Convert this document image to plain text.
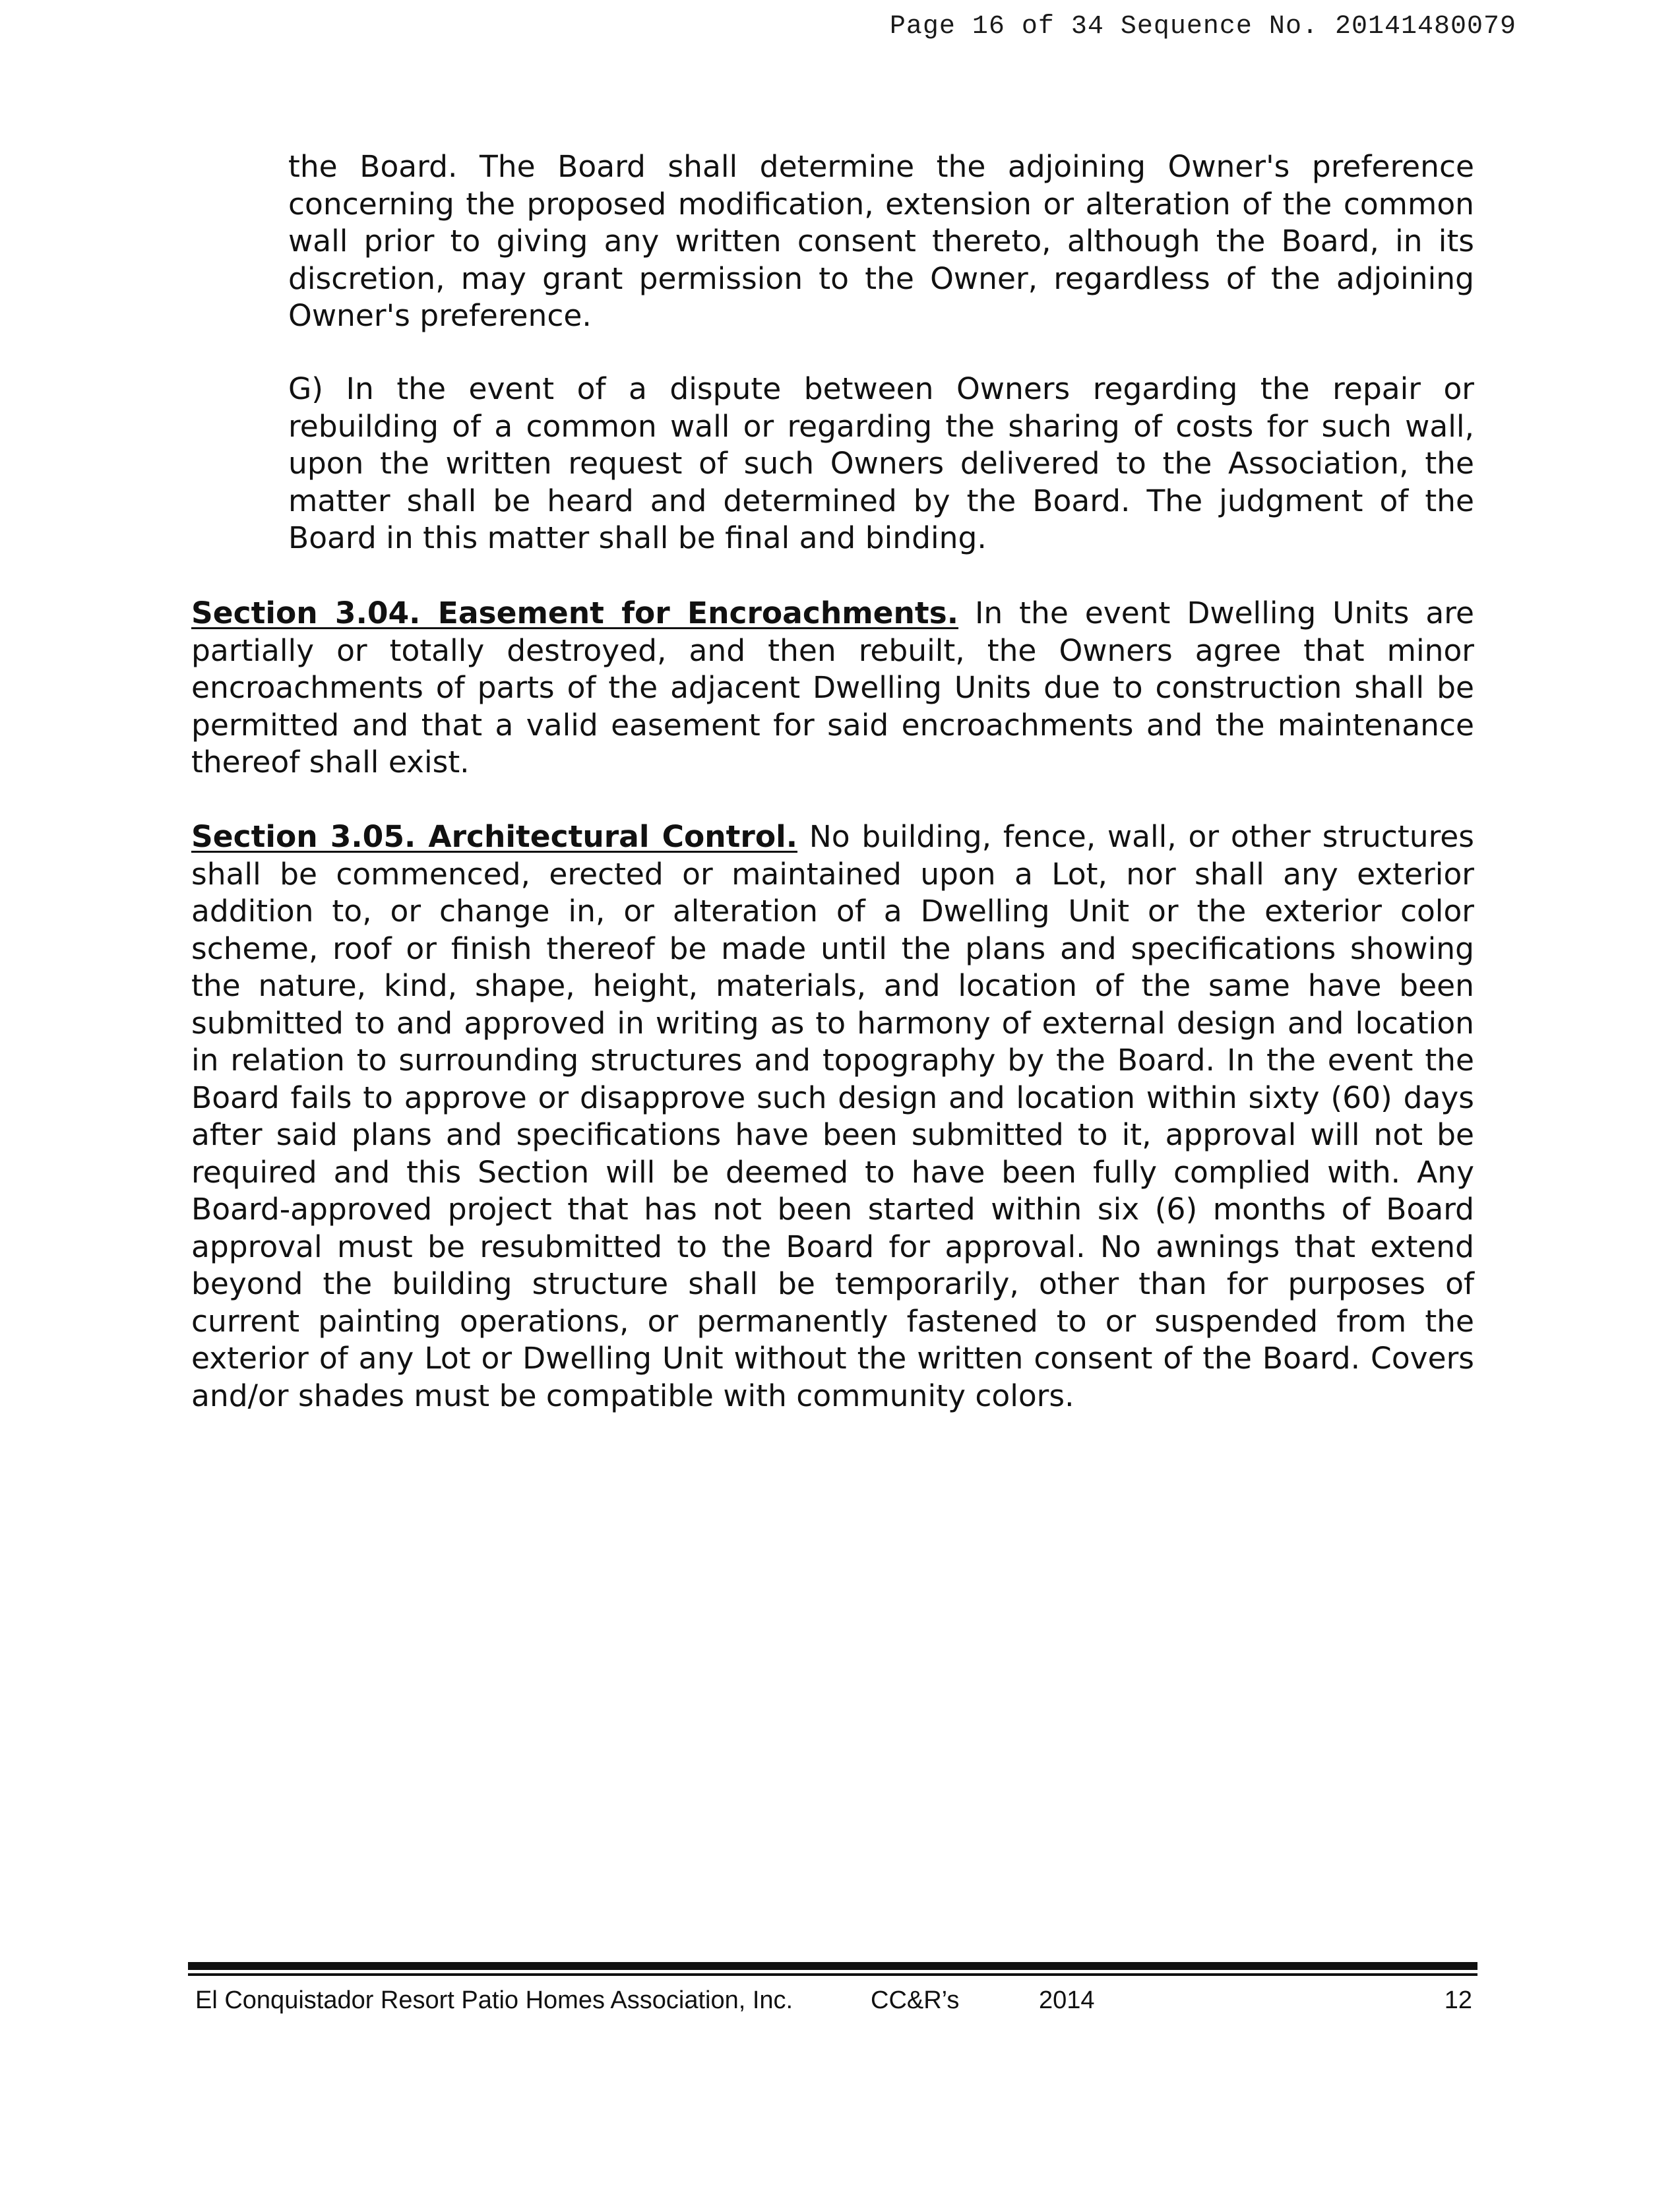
Page 16 of 34 Sequence No. 20141480079

the Board. The Board shall determine the adjoining Owner's preference concerning the proposed modification, extension or alteration of the common wall prior to giving any written consent thereto, although the Board, in its discretion, may grant permission to the Owner, regardless of the adjoining Owner's preference.

G) In the event of a dispute between Owners regarding the repair or rebuilding of a common wall or regarding the sharing of costs for such wall, upon the written request of such Owners delivered to the Association, the matter shall be heard and determined by the Board. The judgment of the Board in this matter shall be final and binding.

Section 3.04. Easement for Encroachments. In the event Dwelling Units are partially or totally destroyed, and then rebuilt, the Owners agree that minor encroachments of parts of the adjacent Dwelling Units due to construction shall be permitted and that a valid easement for said encroachments and the maintenance thereof shall exist.

Section 3.05. Architectural Control. No building, fence, wall, or other structures shall be commenced, erected or maintained upon a Lot, nor shall any exterior addition to, or change in, or alteration of a Dwelling Unit or the exterior color scheme, roof or finish thereof be made until the plans and specifications showing the nature, kind, shape, height, materials, and location of the same have been submitted to and approved in writing as to harmony of external design and location in relation to surrounding structures and topography by the Board. In the event the Board fails to approve or disapprove such design and location within sixty (60) days after said plans and specifications have been submitted to it, approval will not be required and this Section will be deemed to have been fully complied with. Any Board-approved project that has not been started within six (6) months of Board approval must be resubmitted to the Board for approval. No awnings that extend beyond the building structure shall be temporarily, other than for purposes of current painting operations, or permanently fastened to or suspended from the exterior of any Lot or Dwelling Unit without the written consent of the Board. Covers and/or shades must be compatible with community colors.

El Conquistador Resort Patio Homes Association, Inc.	CC&R’s	2014	12
